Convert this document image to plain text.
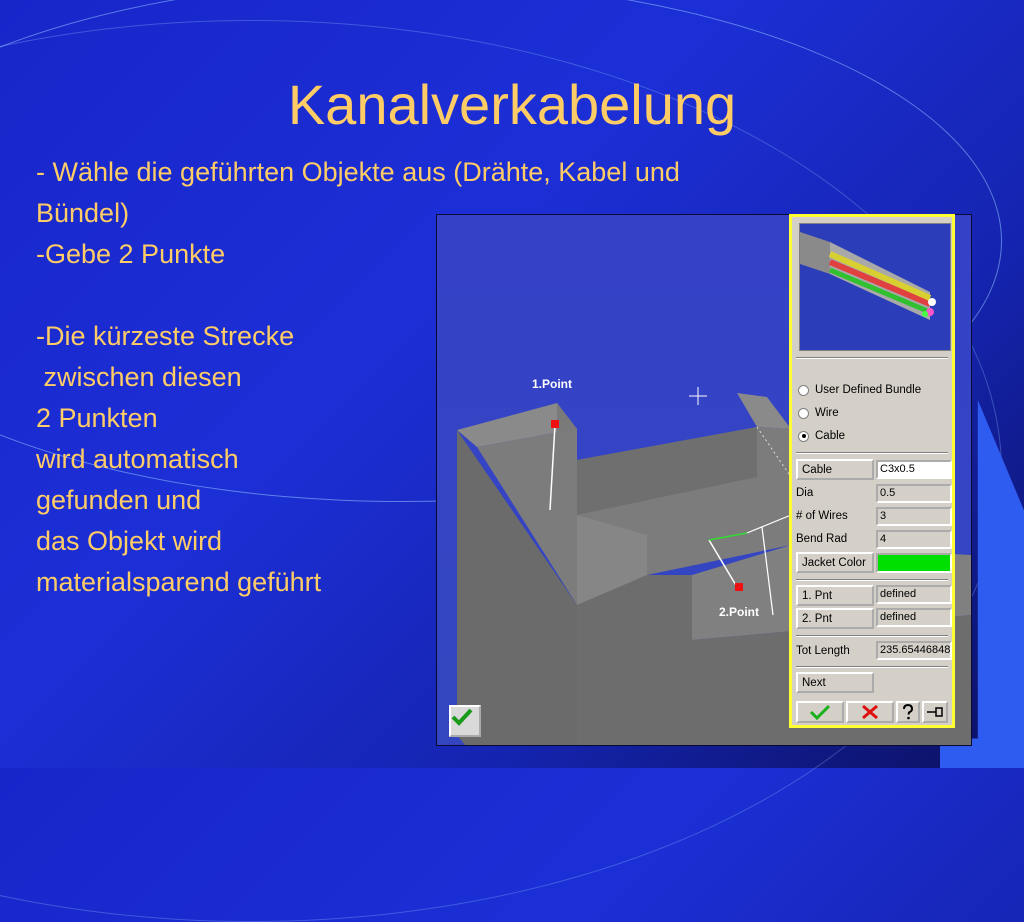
Kanalverkabelung
- Wähle die geführten Objekte aus (Drähte, Kabel und
Bündel)
-Gebe 2 Punkte

-Die kürzeste Strecke
zwischen diesen
2 Punkten
wird automatisch
gefunden und
das Objekt wird
materialsparend geführt
1.Point
2.Point
User Defined Bundle
Wire
Cable
Cable	C3x0.5
Dia	0.5
# of Wires	3
Bend Rad	4
Jacket Color
1. Pnt	defined
2. Pnt	defined
Tot Length	235.65446848
Next
